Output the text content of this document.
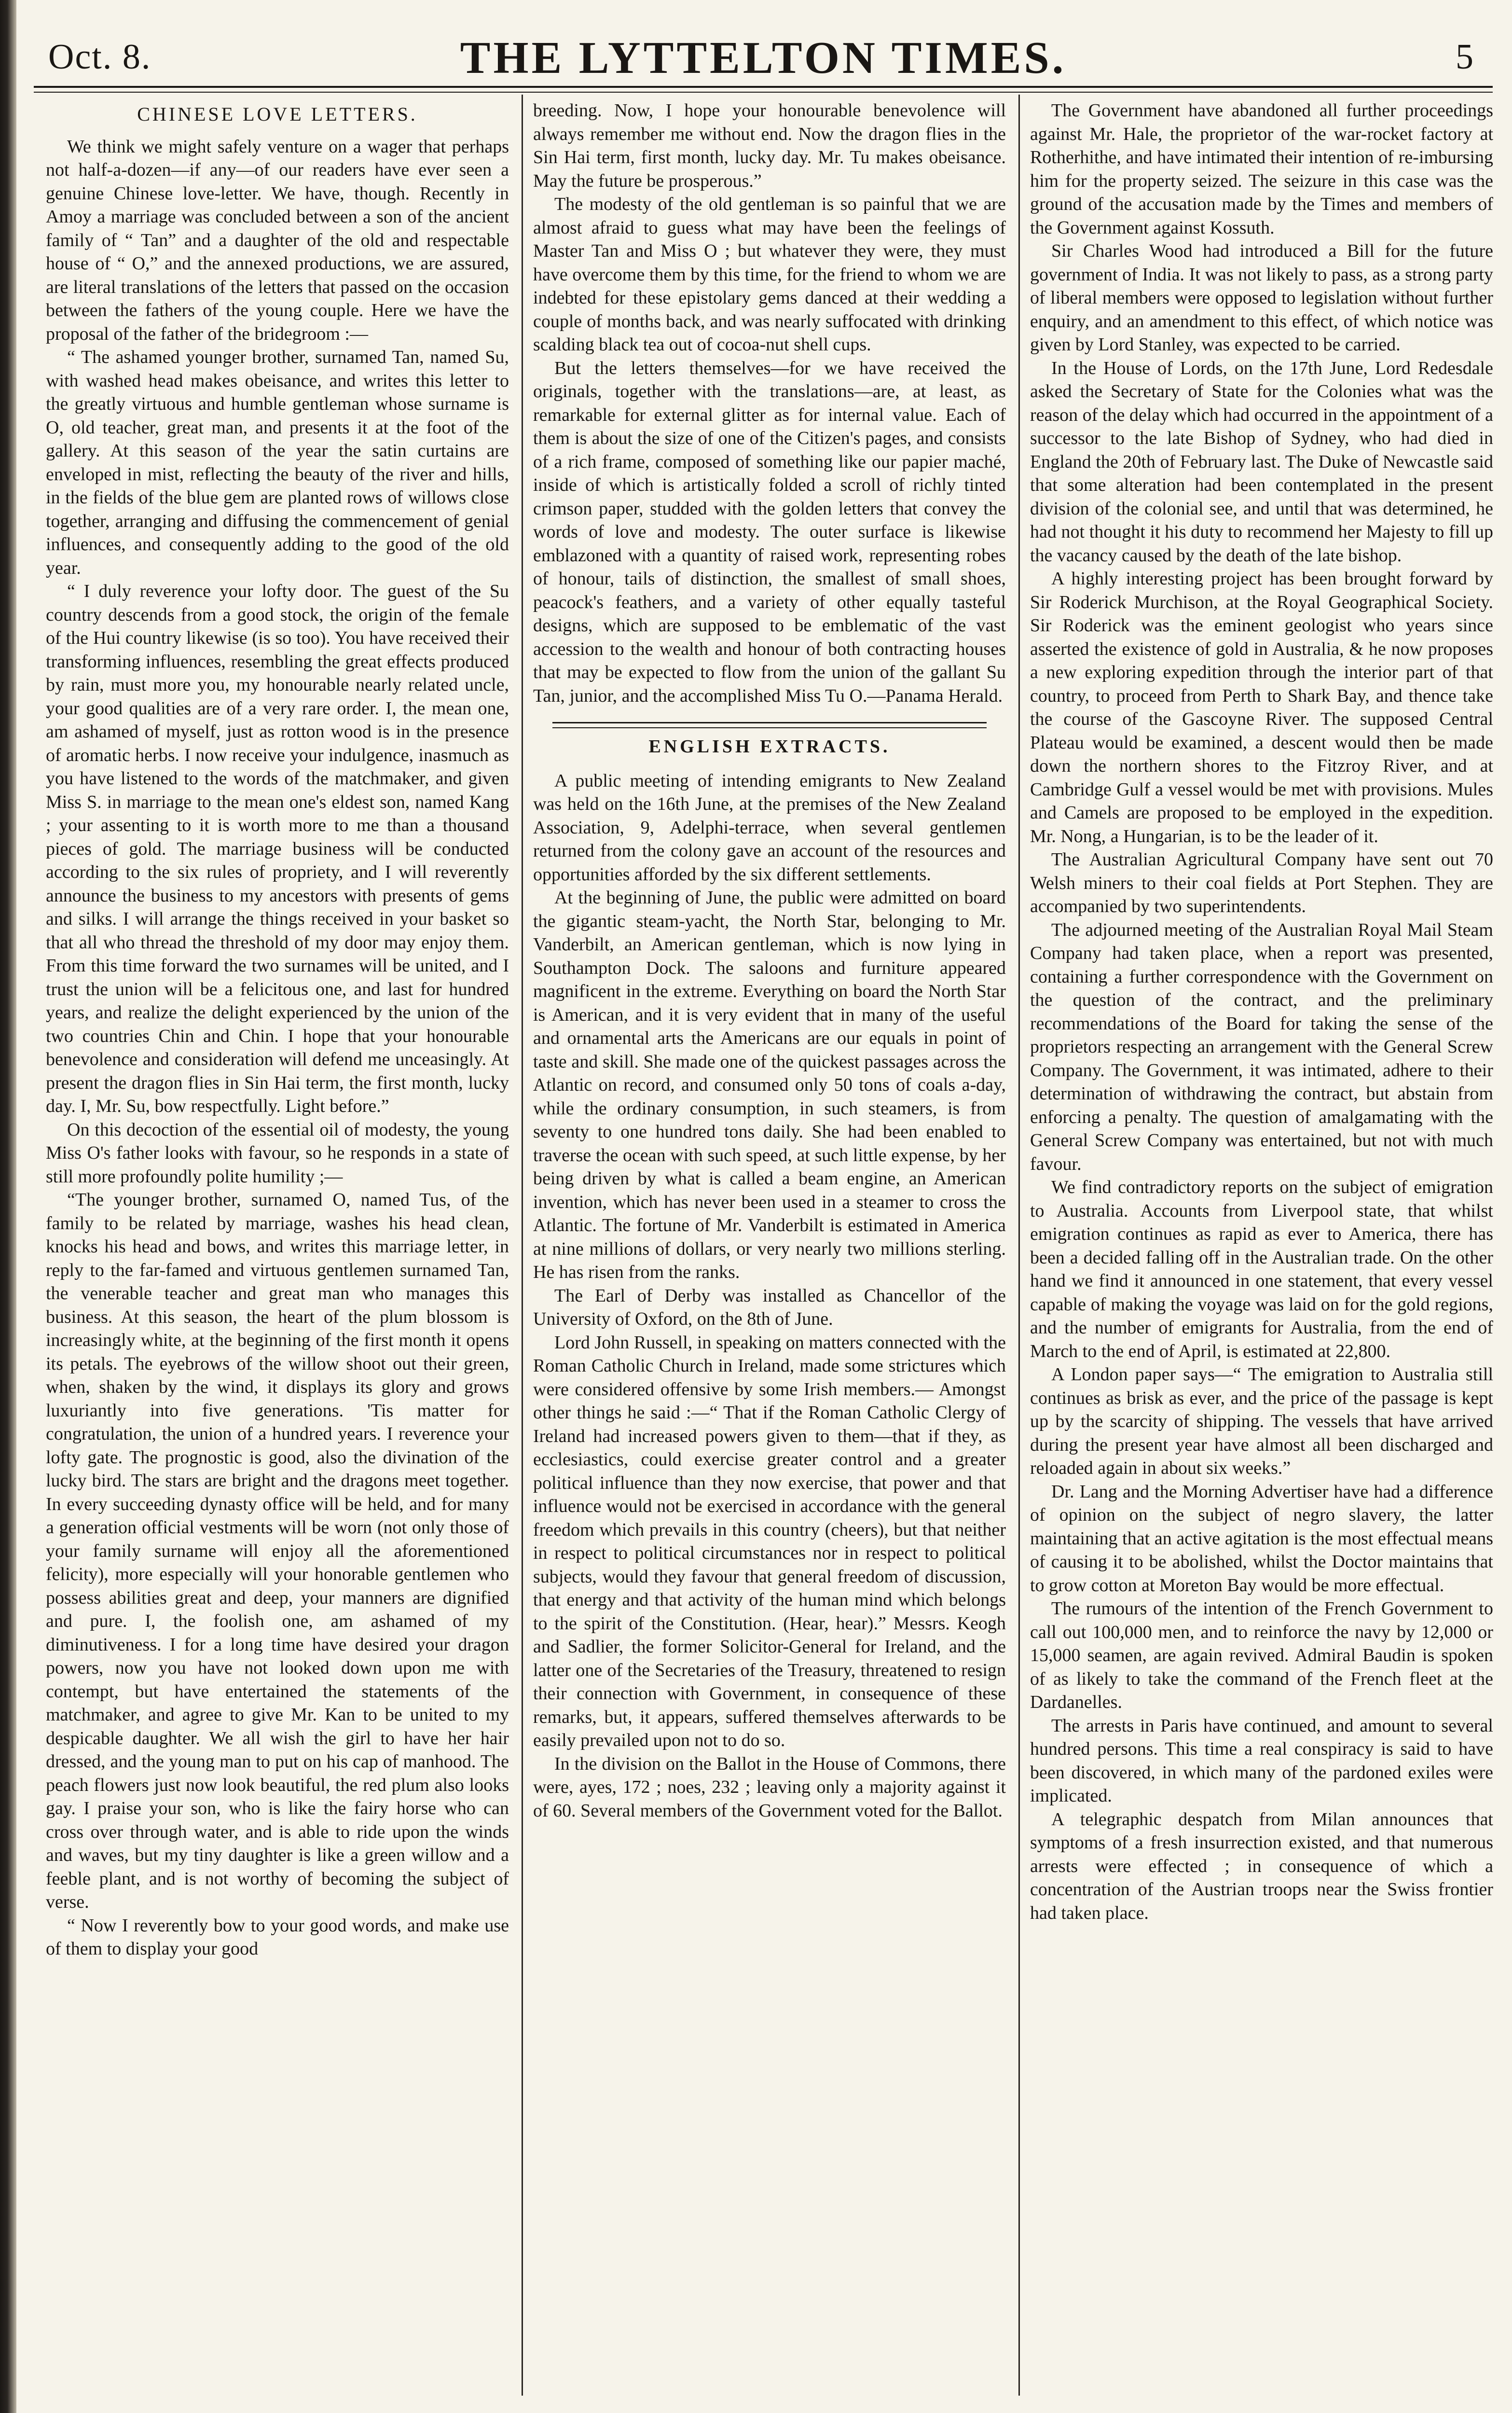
Oct. 8.	THE LYTTELTON TIMES.	5
CHINESE LOVE LETTERS.

We think we might safely venture on a wager that perhaps not half-a-dozen—if any—of our readers have ever seen a genuine Chinese love-letter. We have, though. Recently in Amoy a marriage was concluded between a son of the ancient family of “ Tan” and a daughter of the old and respectable house of “ O,” and the annexed productions, we are assured, are literal translations of the letters that passed on the occasion between the fathers of the young couple. Here we have the proposal of the father of the bridegroom :—

“ The ashamed younger brother, surnamed Tan, named Su, with washed head makes obeisance, and writes this letter to the greatly virtuous and humble gentleman whose surname is O, old teacher, great man, and presents it at the foot of the gallery. At this season of the year the satin curtains are enveloped in mist, reflecting the beauty of the river and hills, in the fields of the blue gem are planted rows of willows close together, arranging and diffusing the commencement of genial influences, and consequently adding to the good of the old year.

“ I duly reverence your lofty door. The guest of the Su country descends from a good stock, the origin of the female of the Hui country likewise (is so too). You have received their transforming influences, resembling the great effects produced by rain, must more you, my honourable nearly related uncle, your good qualities are of a very rare order. I, the mean one, am ashamed of myself, just as rotton wood is in the presence of aromatic herbs. I now receive your indulgence, inasmuch as you have listened to the words of the matchmaker, and given Miss S. in marriage to the mean one's eldest son, named Kang ; your assenting to it is worth more to me than a thousand pieces of gold. The marriage business will be conducted according to the six rules of propriety, and I will reverently announce the business to my ancestors with presents of gems and silks. I will arrange the things received in your basket so that all who thread the threshold of my door may enjoy them. From this time forward the two surnames will be united, and I trust the union will be a felicitous one, and last for hundred years, and realize the delight experienced by the union of the two countries Chin and Chin. I hope that your honourable benevolence and consideration will defend me unceasingly. At present the dragon flies in Sin Hai term, the first month, lucky day. I, Mr. Su, bow respectfully. Light before.”

On this decoction of the essential oil of modesty, the young Miss O's father looks with favour, so he responds in a state of still more profoundly polite humility ;—

“The younger brother, surnamed O, named Tus, of the family to be related by marriage, washes his head clean, knocks his head and bows, and writes this marriage letter, in reply to the far-famed and virtuous gentlemen surnamed Tan, the venerable teacher and great man who manages this business. At this season, the heart of the plum blossom is increasingly white, at the beginning of the first month it opens its petals. The eyebrows of the willow shoot out their green, when, shaken by the wind, it displays its glory and grows luxuriantly into five generations. 'Tis matter for congratulation, the union of a hundred years. I reverence your lofty gate. The prognostic is good, also the divination of the lucky bird. The stars are bright and the dragons meet together. In every succeeding dynasty office will be held, and for many a generation official vestments will be worn (not only those of your family surname will enjoy all the aforementioned felicity), more especially will your honorable gentlemen who possess abilities great and deep, your manners are dignified and pure. I, the foolish one, am ashamed of my diminutiveness. I for a long time have desired your dragon powers, now you have not looked down upon me with contempt, but have entertained the statements of the matchmaker, and agree to give Mr. Kan to be united to my despicable daughter. We all wish the girl to have her hair dressed, and the young man to put on his cap of manhood. The peach flowers just now look beautiful, the red plum also looks gay. I praise your son, who is like the fairy horse who can cross over through water, and is able to ride upon the winds and waves, but my tiny daughter is like a green willow and a feeble plant, and is not worthy of becoming the subject of verse.

“ Now I reverently bow to your good words, and make use of them to display your good

breeding. Now, I hope your honourable benevolence will always remember me without end. Now the dragon flies in the Sin Hai term, first month, lucky day. Mr. Tu makes obeisance. May the future be prosperous.”

The modesty of the old gentleman is so painful that we are almost afraid to guess what may have been the feelings of Master Tan and Miss O ; but whatever they were, they must have overcome them by this time, for the friend to whom we are indebted for these epistolary gems danced at their wedding a couple of months back, and was nearly suffocated with drinking scalding black tea out of cocoa-nut shell cups.

But the letters themselves—for we have received the originals, together with the translations—are, at least, as remarkable for external glitter as for internal value. Each of them is about the size of one of the Citizen's pages, and consists of a rich frame, composed of something like our papier maché, inside of which is artistically folded a scroll of richly tinted crimson paper, studded with the golden letters that convey the words of love and modesty. The outer surface is likewise emblazoned with a quantity of raised work, representing robes of honour, tails of distinction, the smallest of small shoes, peacock's feathers, and a variety of other equally tasteful designs, which are supposed to be emblematic of the vast accession to the wealth and honour of both contracting houses that may be expected to flow from the union of the gallant Su Tan, junior, and the accomplished Miss Tu O.—Panama Herald.

ENGLISH EXTRACTS.

A public meeting of intending emigrants to New Zealand was held on the 16th June, at the premises of the New Zealand Association, 9, Adelphi-terrace, when several gentlemen returned from the colony gave an account of the resources and opportunities afforded by the six different settlements.

At the beginning of June, the public were admitted on board the gigantic steam-yacht, the North Star, belonging to Mr. Vanderbilt, an American gentleman, which is now lying in Southampton Dock. The saloons and furniture appeared magnificent in the extreme. Everything on board the North Star is American, and it is very evident that in many of the useful and ornamental arts the Americans are our equals in point of taste and skill. She made one of the quickest passages across the Atlantic on record, and consumed only 50 tons of coals a-day, while the ordinary consumption, in such steamers, is from seventy to one hundred tons daily. She had been enabled to traverse the ocean with such speed, at such little expense, by her being driven by what is called a beam engine, an American invention, which has never been used in a steamer to cross the Atlantic. The fortune of Mr. Vanderbilt is estimated in America at nine millions of dollars, or very nearly two millions sterling. He has risen from the ranks.

The Earl of Derby was installed as Chancellor of the University of Oxford, on the 8th of June.

Lord John Russell, in speaking on matters connected with the Roman Catholic Church in Ireland, made some strictures which were considered offensive by some Irish members.— Amongst other things he said :—“ That if the Roman Catholic Clergy of Ireland had increased powers given to them—that if they, as ecclesiastics, could exercise greater control and a greater political influence than they now exercise, that power and that influence would not be exercised in accordance with the general freedom which prevails in this country (cheers), but that neither in respect to political circumstances nor in respect to political subjects, would they favour that general freedom of discussion, that energy and that activity of the human mind which belongs to the spirit of the Constitution. (Hear, hear).” Messrs. Keogh and Sadlier, the former Solicitor-General for Ireland, and the latter one of the Secretaries of the Treasury, threatened to resign their connection with Government, in consequence of these remarks, but, it appears, suffered themselves afterwards to be easily prevailed upon not to do so.

In the division on the Ballot in the House of Commons, there were, ayes, 172 ; noes, 232 ; leaving only a majority against it of 60. Several members of the Government voted for the Ballot.

The Government have abandoned all further proceedings against Mr. Hale, the proprietor of the war-rocket factory at Rotherhithe, and have intimated their intention of re-imbursing him for the property seized. The seizure in this case was the ground of the accusation made by the Times and members of the Government against Kossuth.

Sir Charles Wood had introduced a Bill for the future government of India. It was not likely to pass, as a strong party of liberal members were opposed to legislation without further enquiry, and an amendment to this effect, of which notice was given by Lord Stanley, was expected to be carried.

In the House of Lords, on the 17th June, Lord Redesdale asked the Secretary of State for the Colonies what was the reason of the delay which had occurred in the appointment of a successor to the late Bishop of Sydney, who had died in England the 20th of February last. The Duke of Newcastle said that some alteration had been contemplated in the present division of the colonial see, and until that was determined, he had not thought it his duty to recommend her Majesty to fill up the vacancy caused by the death of the late bishop.

A highly interesting project has been brought forward by Sir Roderick Murchison, at the Royal Geographical Society. Sir Roderick was the eminent geologist who years since asserted the existence of gold in Australia, & he now proposes a new exploring expedition through the interior part of that country, to proceed from Perth to Shark Bay, and thence take the course of the Gascoyne River. The supposed Central Plateau would be examined, a descent would then be made down the northern shores to the Fitzroy River, and at Cambridge Gulf a vessel would be met with provisions. Mules and Camels are proposed to be employed in the expedition. Mr. Nong, a Hungarian, is to be the leader of it.

The Australian Agricultural Company have sent out 70 Welsh miners to their coal fields at Port Stephen. They are accompanied by two superintendents.

The adjourned meeting of the Australian Royal Mail Steam Company had taken place, when a report was presented, containing a further correspondence with the Government on the question of the contract, and the preliminary recommendations of the Board for taking the sense of the proprietors respecting an arrangement with the General Screw Company. The Government, it was intimated, adhere to their determination of withdrawing the contract, but abstain from enforcing a penalty. The question of amalgamating with the General Screw Company was entertained, but not with much favour.

We find contradictory reports on the subject of emigration to Australia. Accounts from Liverpool state, that whilst emigration continues as rapid as ever to America, there has been a decided falling off in the Australian trade. On the other hand we find it announced in one statement, that every vessel capable of making the voyage was laid on for the gold regions, and the number of emigrants for Australia, from the end of March to the end of April, is estimated at 22,800.

A London paper says—“ The emigration to Australia still continues as brisk as ever, and the price of the passage is kept up by the scarcity of shipping. The vessels that have arrived during the present year have almost all been discharged and reloaded again in about six weeks.”

Dr. Lang and the Morning Advertiser have had a difference of opinion on the subject of negro slavery, the latter maintaining that an active agitation is the most effectual means of causing it to be abolished, whilst the Doctor maintains that to grow cotton at Moreton Bay would be more effectual.

The rumours of the intention of the French Government to call out 100,000 men, and to reinforce the navy by 12,000 or 15,000 seamen, are again revived. Admiral Baudin is spoken of as likely to take the command of the French fleet at the Dardanelles.

The arrests in Paris have continued, and amount to several hundred persons. This time a real conspiracy is said to have been discovered, in which many of the pardoned exiles were implicated.

A telegraphic despatch from Milan announces that symptoms of a fresh insurrection existed, and that numerous arrests were effected ; in consequence of which a concentration of the Austrian troops near the Swiss frontier had taken place.
